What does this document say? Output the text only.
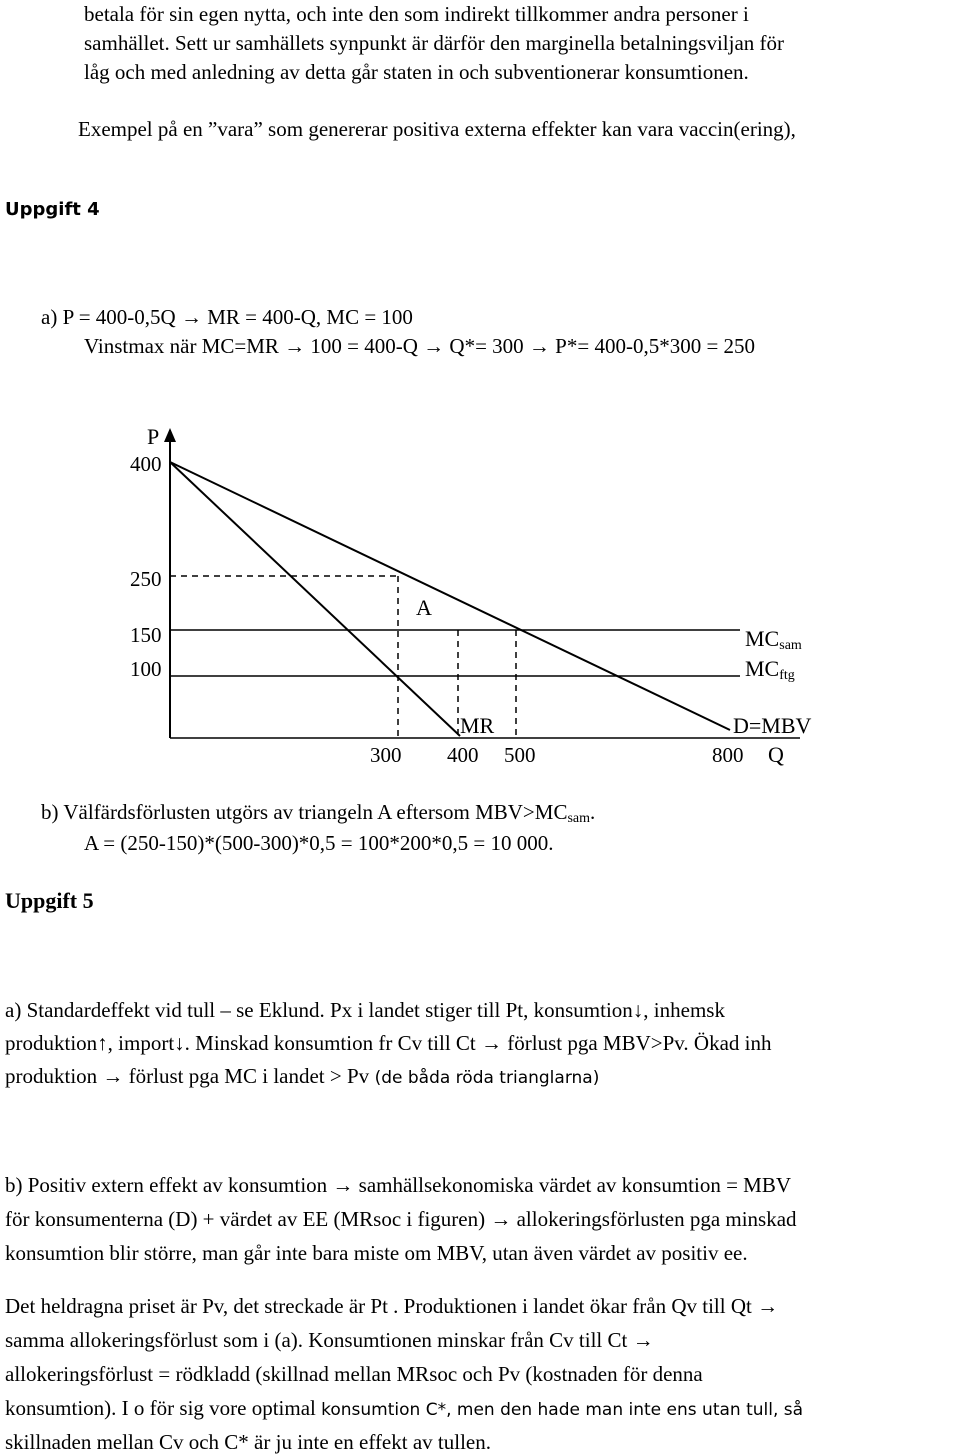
betala för sin egen nytta, och inte den som indirekt tillkommer andra personer i
samhället. Sett ur samhällets synpunkt är därför den marginella betalningsviljan för
låg och med anledning av detta går staten in och subventionerar konsumtionen.
Exempel på en ”vara” som genererar positiva externa effekter kan vara vaccin(ering),
Uppgift 4
a) P = 400-0,5Q → MR = 400-Q, MC = 100
Vinstmax när MC=MR → 100 = 400-Q → Q*= 300 → P*= 400-0,5*300 = 250
P
400
250
150
100
A
MCsam
MCftg
MR	D=MBV
300 400 500	800 Q
b) Välfärdsförlusten utgörs av triangeln A eftersom $MBV>MC_{sam}$.
A = (250-150)*(500-300)*0,5 = 100*200*0,5 = 10 000.
Uppgift 5
a) Standardeffekt vid tull – se Eklund. Px i landet stiger till Pt, konsumtion↓, inhemsk
produktion↑, import↓. Minskad konsumtion fr Cv till Ct → förlust pga MBV>Pv. Ökad inh
produktion → förlust pga MC i landet > Pv (de båda röda trianglarna)
b) Positiv extern effekt av konsumtion → samhällsekonomiska värdet av konsumtion = MBV
för konsumenterna (D) + värdet av EE (MRsoc i figuren) → allokeringsförlusten pga minskad
konsumtion blir större, man går inte bara miste om MBV, utan även värdet av positiv ee.
Det heldragna priset är Pv, det streckade är Pt . Produktionen i landet ökar från Qv till Qt →
samma allokeringsförlust som i (a). Konsumtionen minskar från Cv till Ct →
allokeringsförlust = rödkladd (skillnad mellan MRsoc och Pv (kostnaden för denna
konsumtion). I o för sig vore optimal konsumtion C*, men den hade man inte ens utan tull, så
skillnaden mellan Cv och C* är ju inte en effekt av tullen.
